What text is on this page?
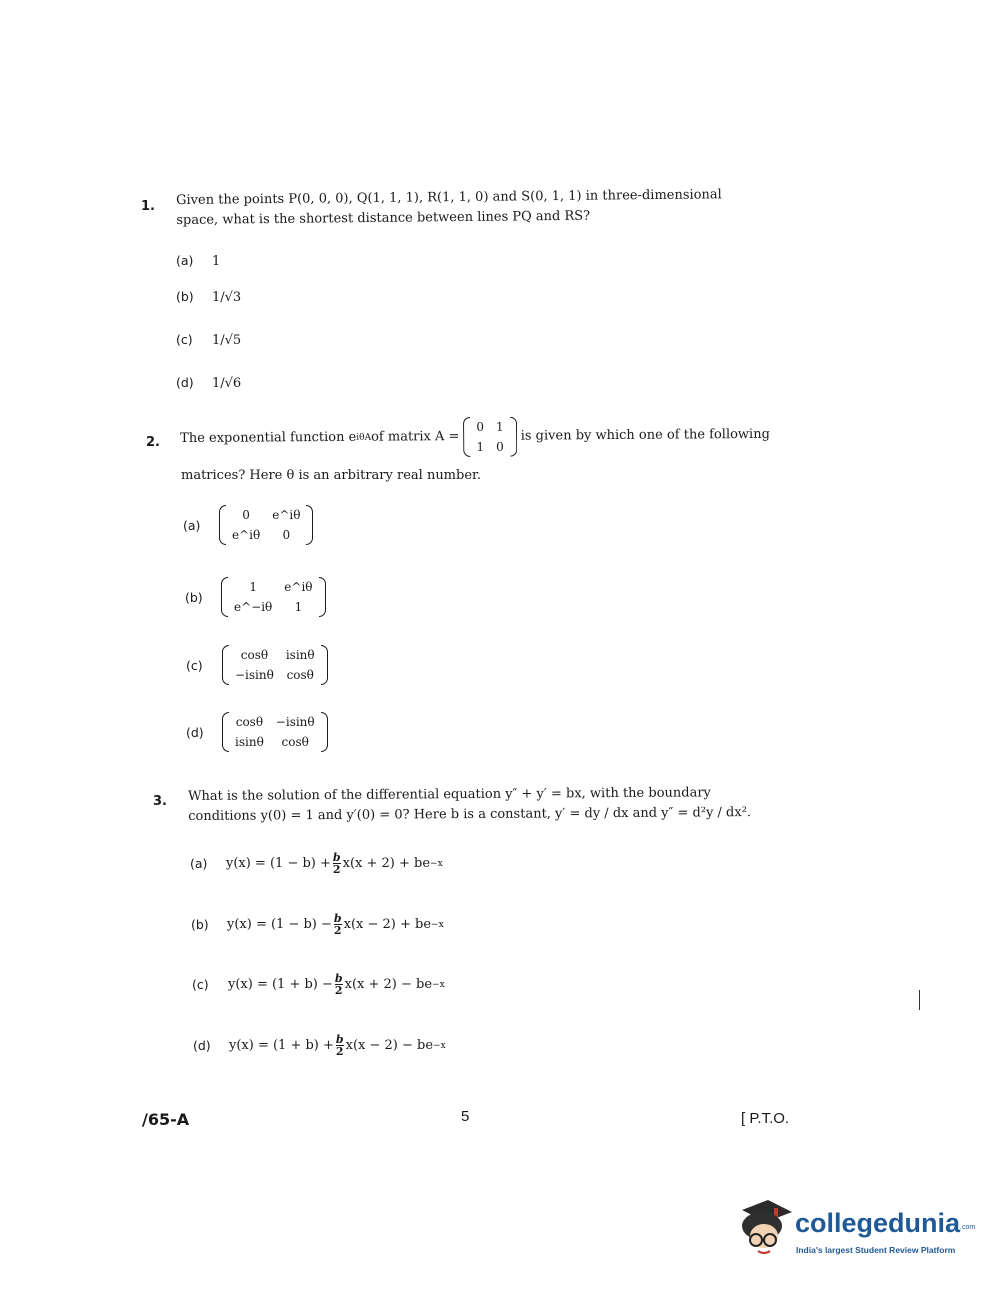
1. Given the points P(0, 0, 0), Q(1, 1, 1), R(1, 1, 0) and S(0, 1, 1) in three-dimensional
space, what is the shortest distance between lines PQ and RS?
(a) 1
(b) 1/√3
(c) 1/√5
(d) 1/√6
2. The exponential function e iθA of matrix A =
0	1
1	0
is given by which one of the following
matrices? Here θ is an arbitrary real number.
(a)
0	e^iθ
e^iθ	0
(b)
1	e^iθ
e^−iθ	1
(c)
cosθ	isinθ
−isinθ	cosθ
(d)
cosθ	−isinθ
isinθ	cosθ
3. What is the solution of the differential equation y″ + y′ = bx, with the boundary
conditions y(0) = 1 and y′(0) = 0? Here b is a constant, y′ = dy / dx and y″ = d²y / dx².
(a)	$y(x) = (1 - b) + \frac{b}{2} x(x + 2)$ + be −x
(b)	$y(x) = (1 - b) - \frac{b}{2} x(x - 2)$ + be −x
(c)	$y(x) = (1 + b) - \frac{b}{2} x(x + 2)$ − be −x
(d)	$y(x) = (1 + b) + \frac{b}{2} x(x - 2)$ − be −x
/65-A	5	[ P.T.O.
collegedunia.com
India's largest Student Review Platform
